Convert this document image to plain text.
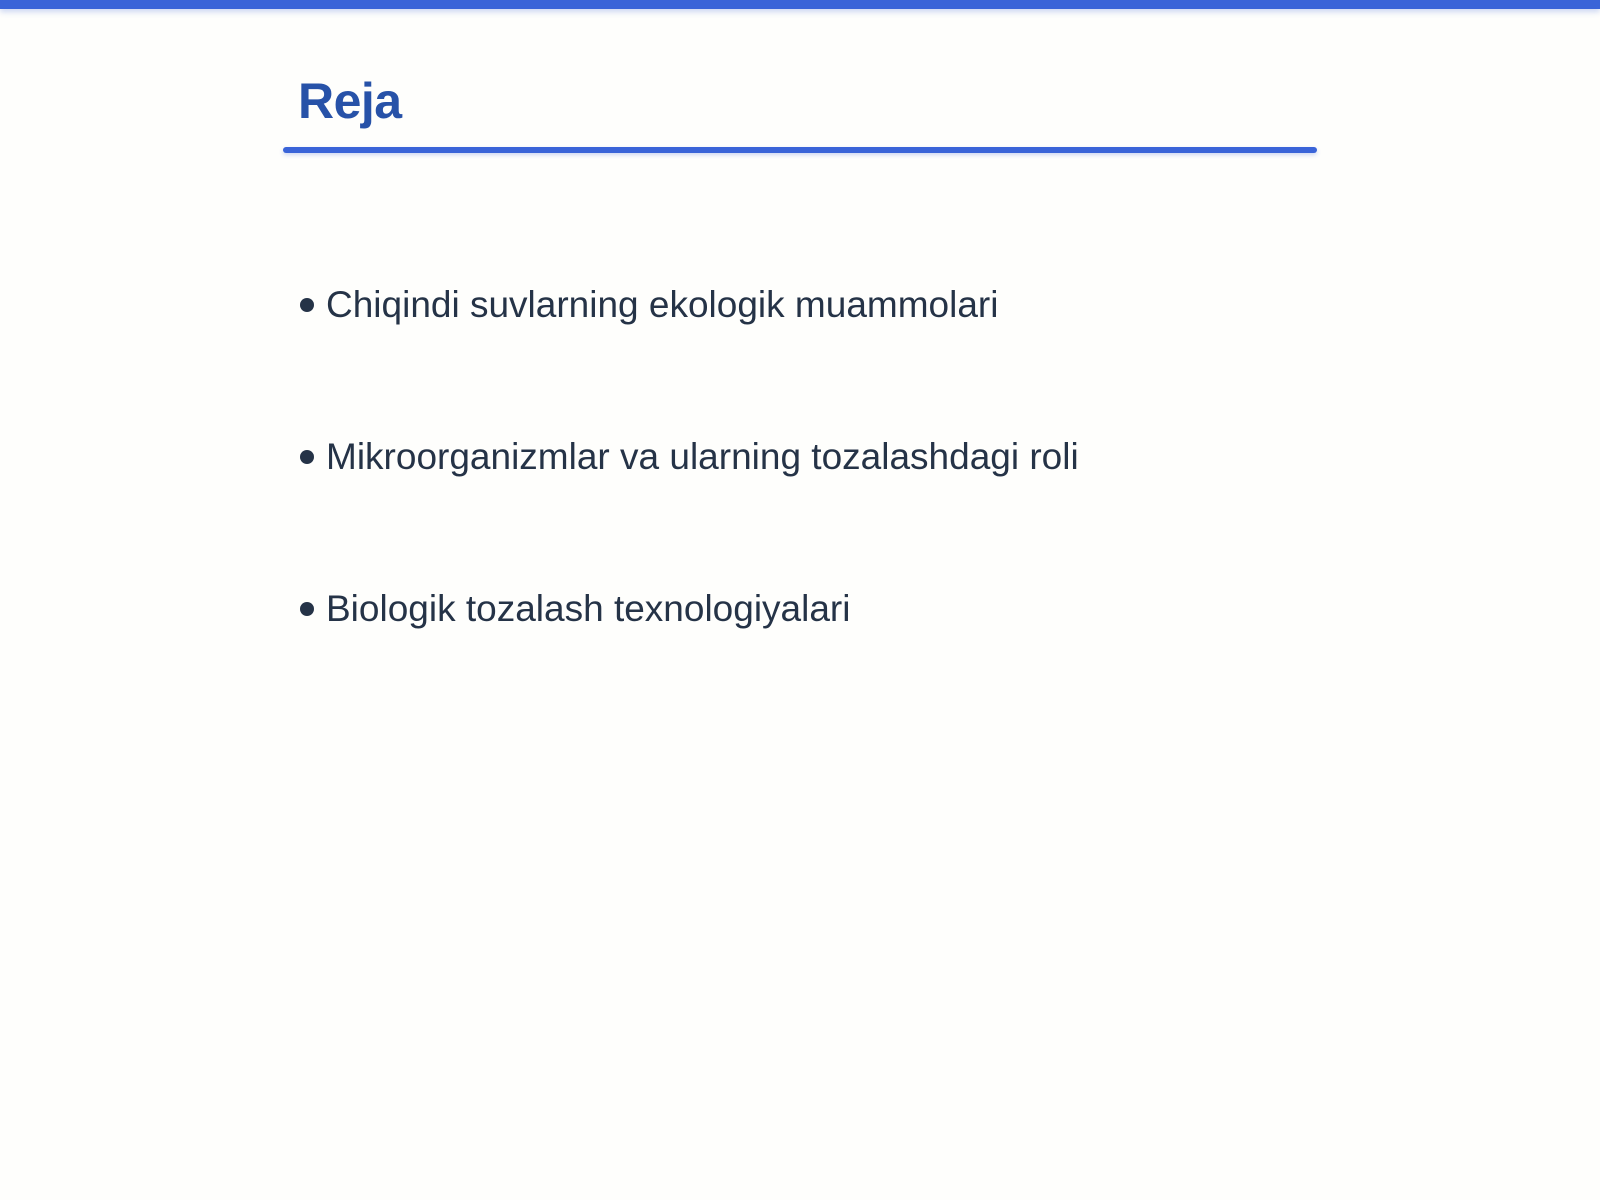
Reja
Chiqindi suvlarning ekologik muammolari
Mikroorganizmlar va ularning tozalashdagi roli
Biologik tozalash texnologiyalari
